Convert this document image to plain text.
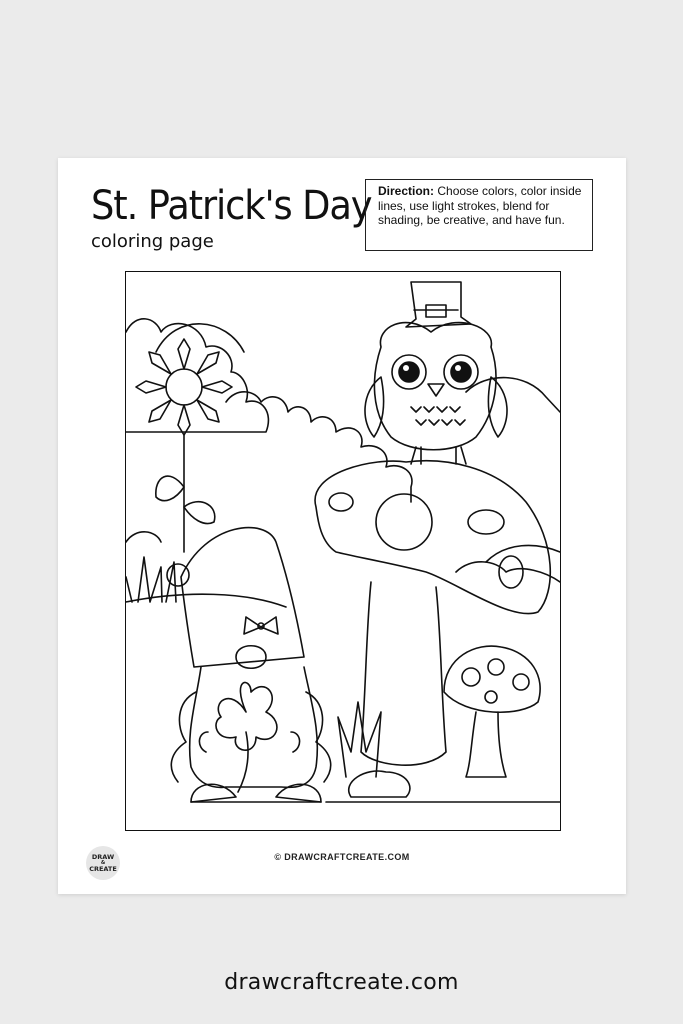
St. Patrick's Day
coloring page
Direction: Choose colors, color inside lines, use light strokes, blend for shading, be creative, and have fun.
DRAW
&
CREATE
© DRAWCRAFTCREATE.COM
drawcraftcreate.com
